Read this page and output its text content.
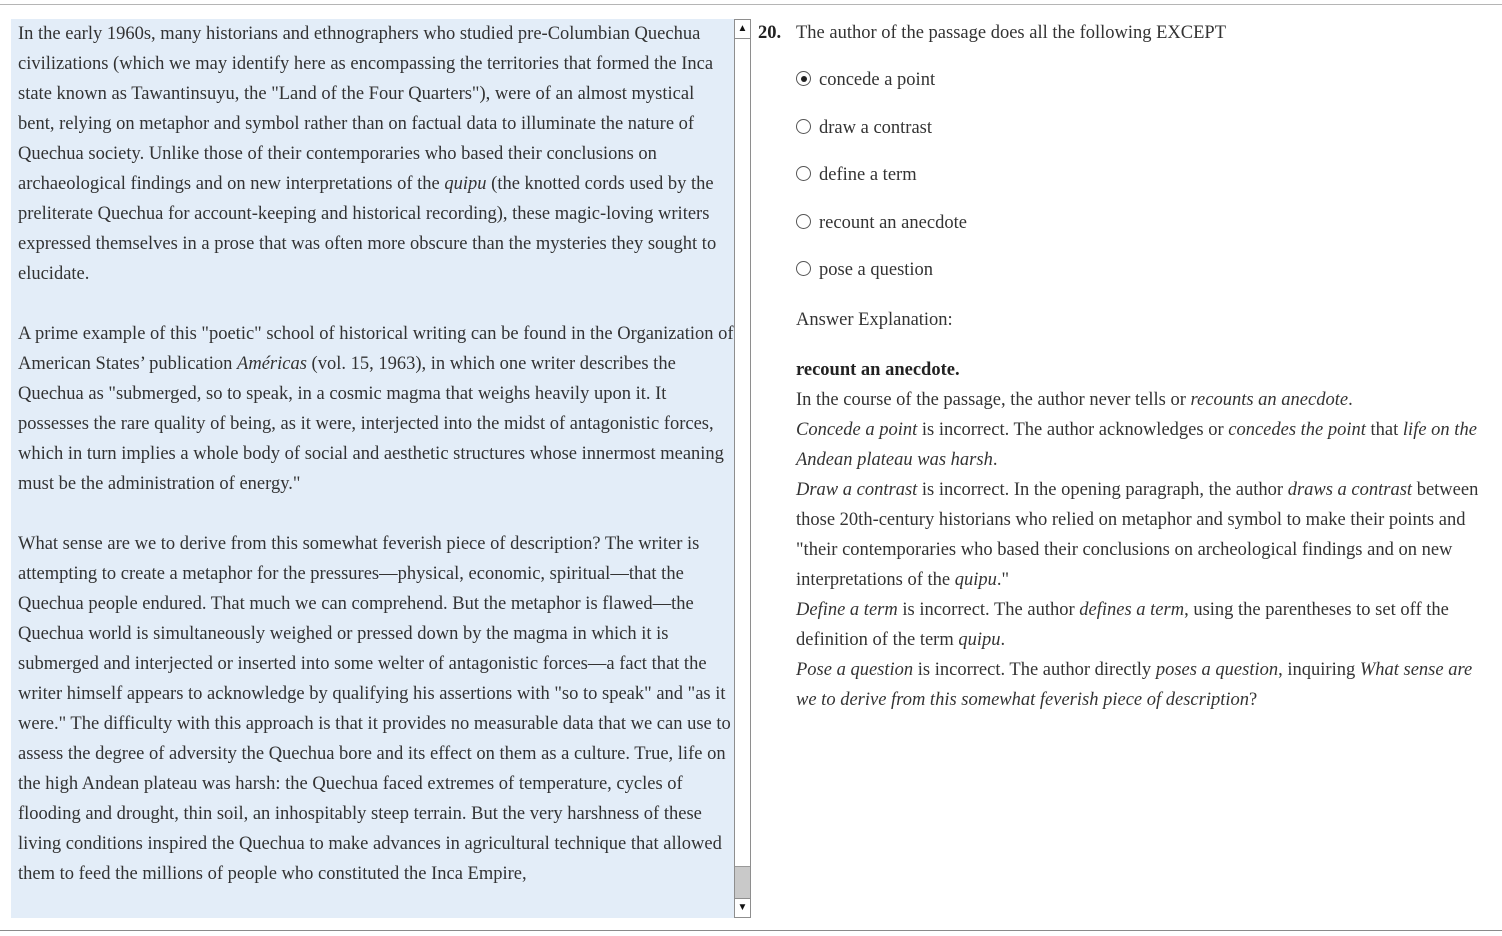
In the early 1960s, many historians and ethnographers who studied pre-Columbian Quechua civilizations (which we may identify here as encompassing the territories that formed the Inca state known as Tawantinsuyu, the "Land of the Four Quarters"), were of an almost mystical bent, relying on metaphor and symbol rather than on factual data to illuminate the nature of Quechua society. Unlike those of their contemporaries who based their conclusions on archaeological findings and on new interpretations of the quipu (the knotted cords used by the preliterate Quechua for account-keeping and historical recording), these magic-loving writers expressed themselves in a prose that was often more obscure than the mysteries they sought to elucidate.

A prime example of this "poetic" school of historical writing can be found in the Organization of American States’ publication Américas (vol. 15, 1963), in which one writer describes the Quechua as "submerged, so to speak, in a cosmic magma that weighs heavily upon it. It possesses the rare quality of being, as it were, interjected into the midst of antagonistic forces, which in turn implies a whole body of social and aesthetic structures whose innermost meaning must be the administration of energy."

What sense are we to derive from this somewhat feverish piece of description? The writer is attempting to create a metaphor for the pressures—physical, economic, spiritual—that the Quechua people endured. That much we can comprehend. But the metaphor is flawed—the Quechua world is simultaneously weighed or pressed down by the magma in which it is submerged and interjected or inserted into some welter of antagonistic forces—a fact that the writer himself appears to acknowledge by qualifying his assertions with "so to speak" and "as it were." The difficulty with this approach is that it provides no measurable data that we can use to assess the degree of adversity the Quechua bore and its effect on them as a culture. True, life on the high Andean plateau was harsh: the Quechua faced extremes of temperature, cycles of flooding and drought, thin soil, an inhospitably steep terrain. But the very harshness of these living conditions inspired the Quechua to make advances in agricultural technique that allowed them to feed the millions of people who constituted the Inca Empire,

▲
▼
20. The author of the passage does all the following EXCEPT
concede a point
draw a contrast
define a term
recount an anecdote
pose a question
Answer Explanation:
recount an anecdote.
In the course of the passage, the author never tells or recounts an anecdote.
Concede a point is incorrect. The author acknowledges or concedes the point that life on the Andean plateau was harsh.
Draw a contrast is incorrect. In the opening paragraph, the author draws a contrast between those 20th-century historians who relied on metaphor and symbol to make their points and "their contemporaries who based their conclusions on archeological findings and on new interpretations of the quipu."
Define a term is incorrect. The author defines a term, using the parentheses to set off the definition of the term quipu.
Pose a question is incorrect. The author directly poses a question, inquiring What sense are we to derive from this somewhat feverish piece of description?
